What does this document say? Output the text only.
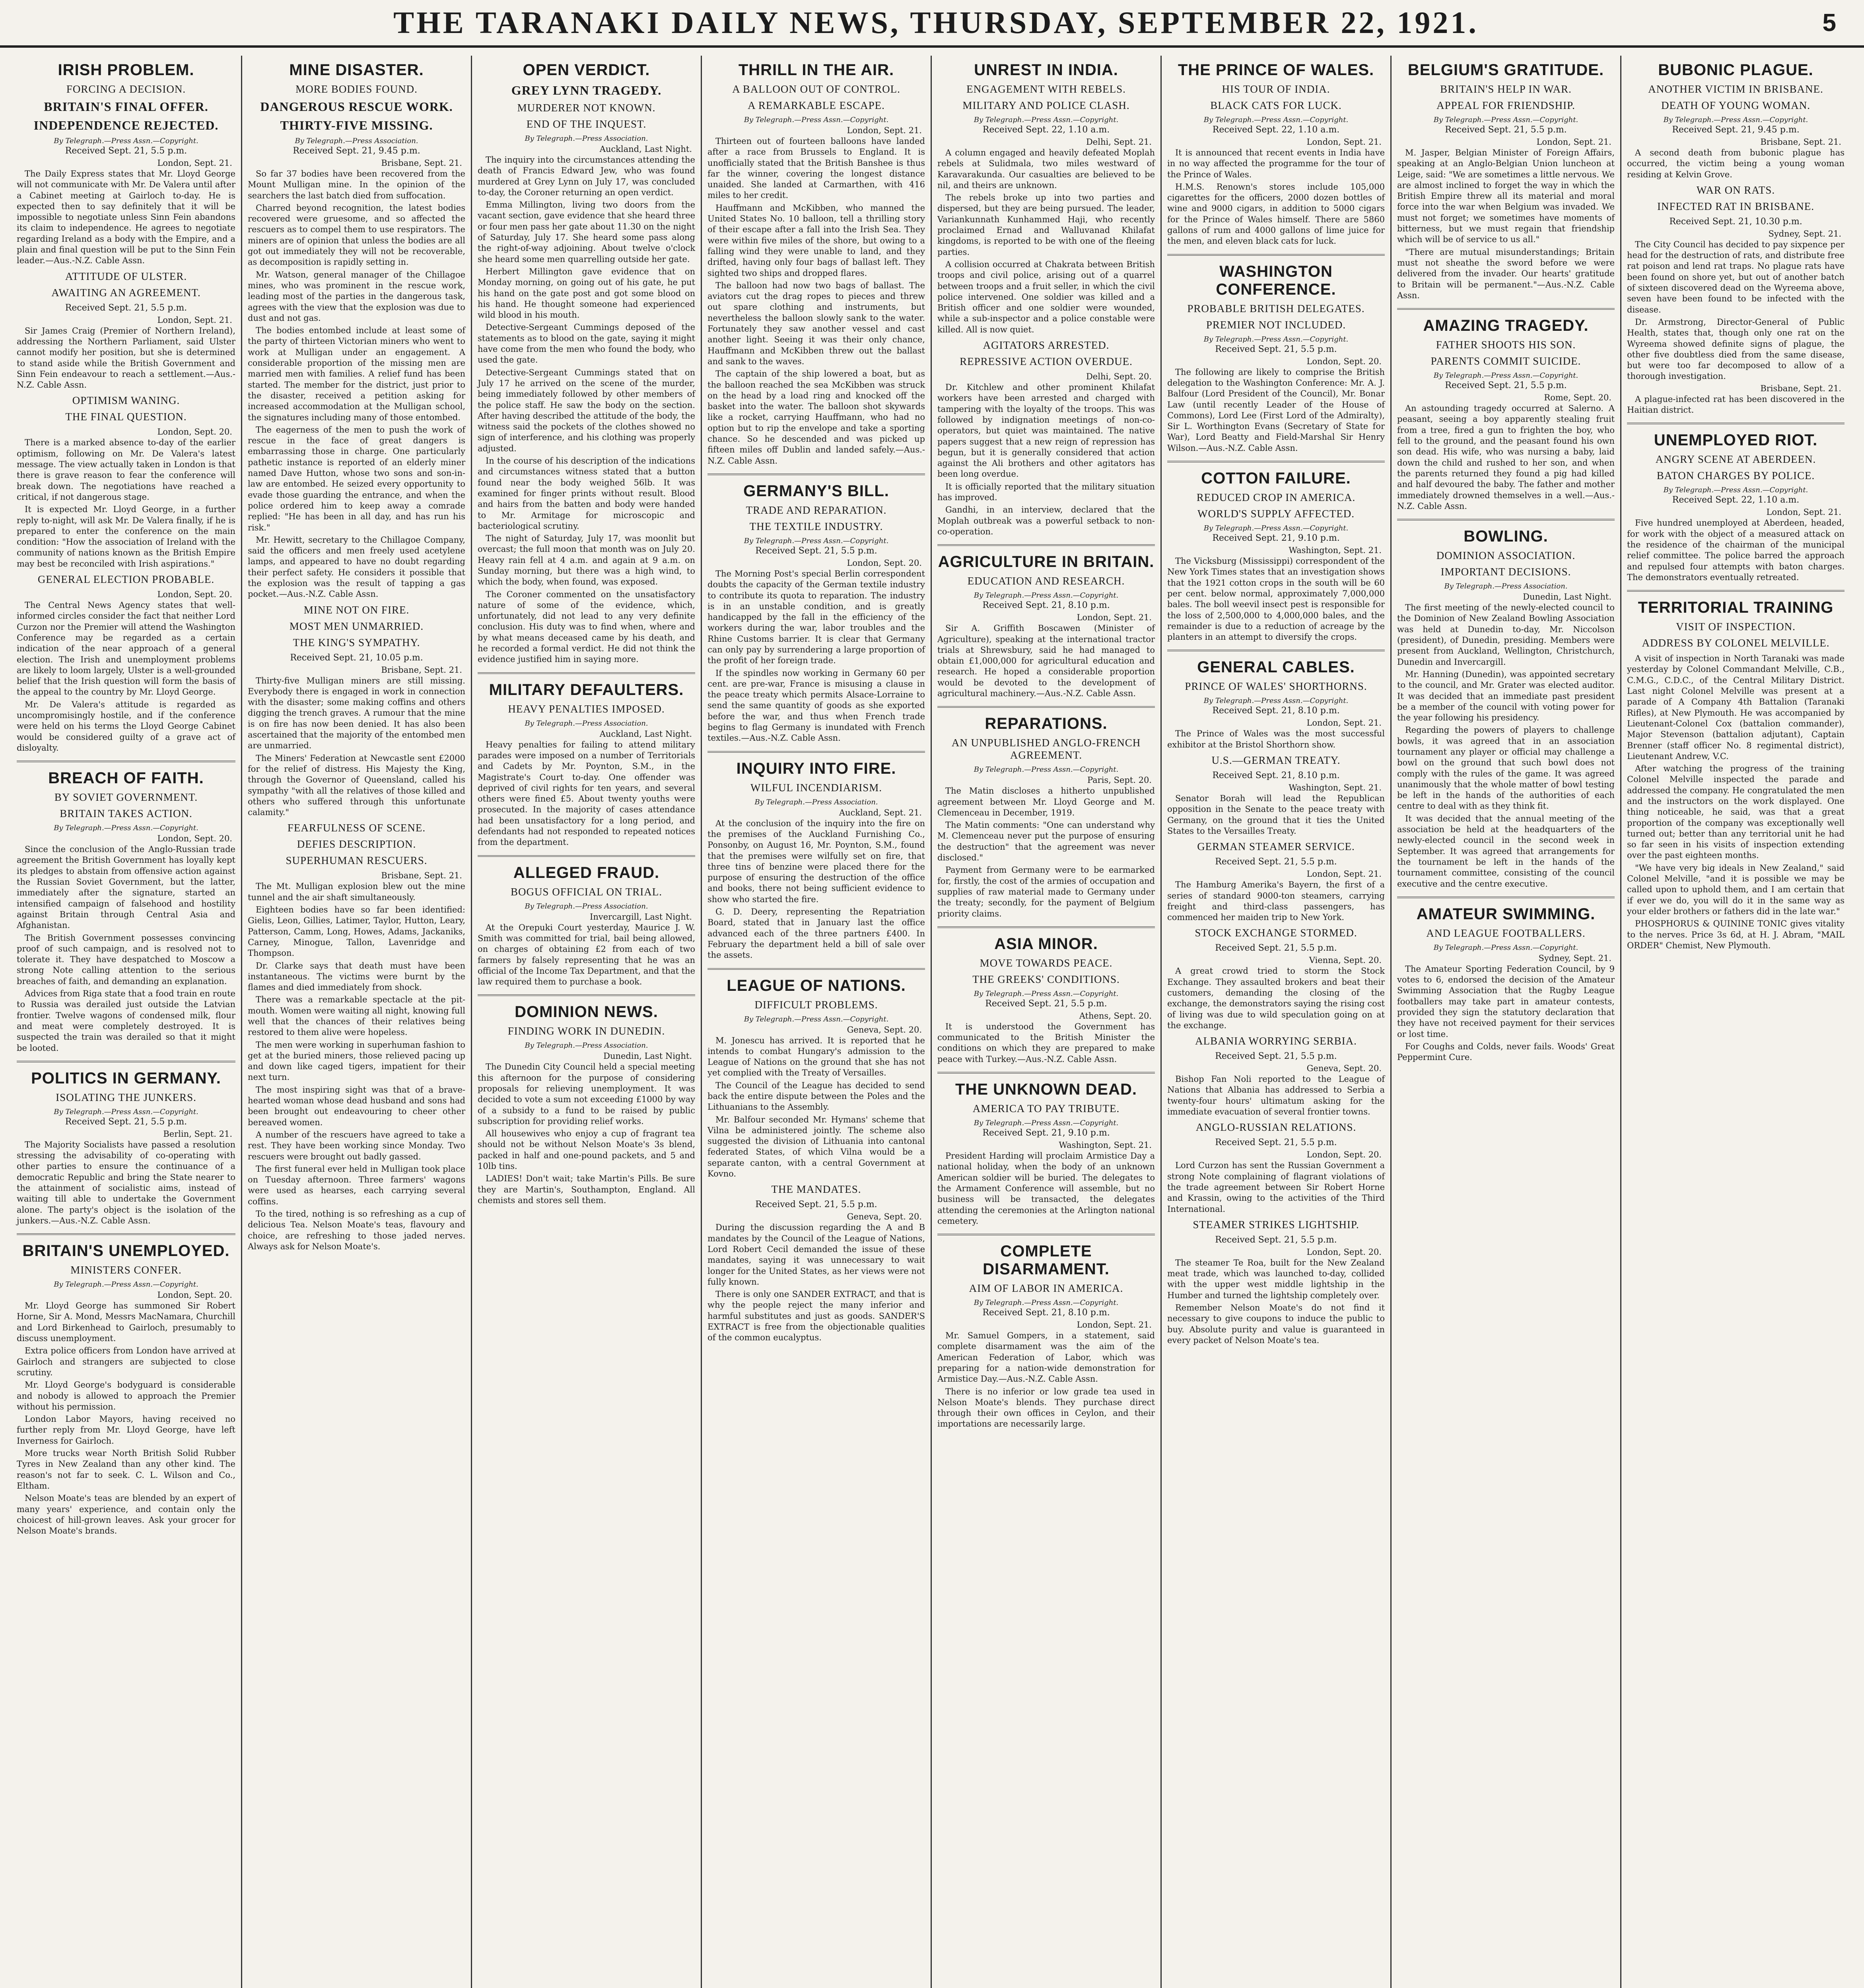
THE TARANAKI DAILY NEWS, THURSDAY, SEPTEMBER 22, 1921.	5
IRISH PROBLEM.
FORCING A DECISION.
BRITAIN'S FINAL OFFER.
INDEPENDENCE REJECTED.
By Telegraph.—Press Assn.—Copyright.
Received Sept. 21, 5.5 p.m.
London, Sept. 21.
The Daily Express states that Mr. Lloyd George will not communicate with Mr. De Valera until after a Cabinet meeting at Gairloch to-day. He is expected then to say definitely that it will be impossible to negotiate unless Sinn Fein abandons its claim to independence. He agrees to negotiate regarding Ireland as a body with the Empire, and a plain and final question will be put to the Sinn Fein leader.—Aus.-N.Z. Cable Assn.
ATTITUDE OF ULSTER.
AWAITING AN AGREEMENT.
Received Sept. 21, 5.5 p.m.
London, Sept. 21.
Sir James Craig (Premier of Northern Ireland), addressing the Northern Parliament, said Ulster cannot modify her position, but she is determined to stand aside while the British Government and Sinn Fein endeavour to reach a settlement.—Aus.-N.Z. Cable Assn.
OPTIMISM WANING.
THE FINAL QUESTION.
London, Sept. 20.
There is a marked absence to-day of the earlier optimism, following on Mr. De Valera's latest message. The view actually taken in London is that there is grave reason to fear the conference will break down. The negotiations have reached a critical, if not dangerous stage.
It is expected Mr. Lloyd George, in a further reply to-night, will ask Mr. De Valera finally, if he is prepared to enter the conference on the main condition: "How the association of Ireland with the community of nations known as the British Empire may best be reconciled with Irish aspirations."
GENERAL ELECTION PROBABLE.
London, Sept. 20.
The Central News Agency states that well-informed circles consider the fact that neither Lord Curzon nor the Premier will attend the Washington Conference may be regarded as a certain indication of the near approach of a general election. The Irish and unemployment problems are likely to loom largely, Ulster is a well-grounded belief that the Irish question will form the basis of the appeal to the country by Mr. Lloyd George.
Mr. De Valera's attitude is regarded as uncompromisingly hostile, and if the conference were held on his terms the Lloyd George Cabinet would be considered guilty of a grave act of disloyalty.
BREACH OF FAITH.
BY SOVIET GOVERNMENT.
BRITAIN TAKES ACTION.
By Telegraph.—Press Assn.—Copyright.
London, Sept. 20.
Since the conclusion of the Anglo-Russian trade agreement the British Government has loyally kept its pledges to abstain from offensive action against the Russian Soviet Government, but the latter, immediately after the signature, started an intensified campaign of falsehood and hostility against Britain through Central Asia and Afghanistan.
The British Government possesses convincing proof of such campaign, and is resolved not to tolerate it. They have despatched to Moscow a strong Note calling attention to the serious breaches of faith, and demanding an explanation.
Advices from Riga state that a food train en route to Russia was derailed just outside the Latvian frontier. Twelve wagons of condensed milk, flour and meat were completely destroyed. It is suspected the train was derailed so that it might be looted.
POLITICS IN GERMANY.
ISOLATING THE JUNKERS.
By Telegraph.—Press Assn.—Copyright.
Received Sept. 21, 5.5 p.m.
Berlin, Sept. 21.
The Majority Socialists have passed a resolution stressing the advisability of co-operating with other parties to ensure the continuance of a democratic Republic and bring the State nearer to the attainment of socialistic aims, instead of waiting till able to undertake the Government alone. The party's object is the isolation of the junkers.—Aus.-N.Z. Cable Assn.
BRITAIN'S UNEMPLOYED.
MINISTERS CONFER.
By Telegraph.—Press Assn.—Copyright.
London, Sept. 20.
Mr. Lloyd George has summoned Sir Robert Horne, Sir A. Mond, Messrs MacNamara, Churchill and Lord Birkenhead to Gairloch, presumably to discuss unemployment.
Extra police officers from London have arrived at Gairloch and strangers are subjected to close scrutiny.
Mr. Lloyd George's bodyguard is considerable and nobody is allowed to approach the Premier without his permission.
London Labor Mayors, having received no further reply from Mr. Lloyd George, have left Inverness for Gairloch.
More trucks wear North British Solid Rubber Tyres in New Zealand than any other kind. The reason's not far to seek. C. L. Wilson and Co., Eltham.
Nelson Moate's teas are blended by an expert of many years' experience, and contain only the choicest of hill-grown leaves. Ask your grocer for Nelson Moate's brands.
MINE DISASTER.
MORE BODIES FOUND.
DANGEROUS RESCUE WORK.
THIRTY-FIVE MISSING.
By Telegraph.—Press Association.
Received Sept. 21, 9.45 p.m.
Brisbane, Sept. 21.
So far 37 bodies have been recovered from the Mount Mulligan mine. In the opinion of the searchers the last batch died from suffocation.
Charred beyond recognition, the latest bodies recovered were gruesome, and so affected the rescuers as to compel them to use respirators. The miners are of opinion that unless the bodies are all got out immediately they will not be recoverable, as decomposition is rapidly setting in.
Mr. Watson, general manager of the Chillagoe mines, who was prominent in the rescue work, leading most of the parties in the dangerous task, agrees with the view that the explosion was due to dust and not gas.
The bodies entombed include at least some of the party of thirteen Victorian miners who went to work at Mulligan under an engagement. A considerable proportion of the missing men are married men with families. A relief fund has been started. The member for the district, just prior to the disaster, received a petition asking for increased accommodation at the Mulligan school, the signatures including many of those entombed.
The eagerness of the men to push the work of rescue in the face of great dangers is embarrassing those in charge. One particularly pathetic instance is reported of an elderly miner named Dave Hutton, whose two sons and son-in-law are entombed. He seized every opportunity to evade those guarding the entrance, and when the police ordered him to keep away a comrade replied: "He has been in all day, and has run his risk."
Mr. Hewitt, secretary to the Chillagoe Company, said the officers and men freely used acetylene lamps, and appeared to have no doubt regarding their perfect safety. He considers it possible that the explosion was the result of tapping a gas pocket.—Aus.-N.Z. Cable Assn.
MINE NOT ON FIRE.
MOST MEN UNMARRIED.
THE KING'S SYMPATHY.
Received Sept. 21, 10.05 p.m.
Brisbane, Sept. 21.
Thirty-five Mulligan miners are still missing. Everybody there is engaged in work in connection with the disaster; some making coffins and others digging the trench graves. A rumour that the mine is on fire has now been denied. It has also been ascertained that the majority of the entombed men are unmarried.
The Miners' Federation at Newcastle sent £2000 for the relief of distress. His Majesty the King, through the Governor of Queensland, called his sympathy "with all the relatives of those killed and others who suffered through this unfortunate calamity."
FEARFULNESS OF SCENE.
DEFIES DESCRIPTION.
SUPERHUMAN RESCUERS.
Brisbane, Sept. 21.
The Mt. Mulligan explosion blew out the mine tunnel and the air shaft simultaneously.
Eighteen bodies have so far been identified: Gielis, Leon, Gillies, Latimer, Taylor, Hutton, Leary, Patterson, Camm, Long, Howes, Adams, Jackaniks, Carney, Minogue, Tallon, Lavenridge and Thompson.
Dr. Clarke says that death must have been instantaneous. The victims were burnt by the flames and died immediately from shock.
There was a remarkable spectacle at the pit-mouth. Women were waiting all night, knowing full well that the chances of their relatives being restored to them alive were hopeless.
The men were working in superhuman fashion to get at the buried miners, those relieved pacing up and down like caged tigers, impatient for their next turn.
The most inspiring sight was that of a brave-hearted woman whose dead husband and sons had been brought out endeavouring to cheer other bereaved women.
A number of the rescuers have agreed to take a rest. They have been working since Monday. Two rescuers were brought out badly gassed.
The first funeral ever held in Mulligan took place on Tuesday afternoon. Three farmers' wagons were used as hearses, each carrying several coffins.
To the tired, nothing is so refreshing as a cup of delicious Tea. Nelson Moate's teas, flavoury and choice, are refreshing to those jaded nerves. Always ask for Nelson Moate's.
OPEN VERDICT.
GREY LYNN TRAGEDY.
MURDERER NOT KNOWN.
END OF THE INQUEST.
By Telegraph.—Press Association.
Auckland, Last Night.
The inquiry into the circumstances attending the death of Francis Edward Jew, who was found murdered at Grey Lynn on July 17, was concluded to-day, the Coroner returning an open verdict.
Emma Millington, living two doors from the vacant section, gave evidence that she heard three or four men pass her gate about 11.30 on the night of Saturday, July 17. She heard some pass along the right-of-way adjoining. About twelve o'clock she heard some men quarrelling outside her gate.
Herbert Millington gave evidence that on Monday morning, on going out of his gate, he put his hand on the gate post and got some blood on his hand. He thought someone had experienced wild blood in his mouth.
Detective-Sergeant Cummings deposed of the statements as to blood on the gate, saying it might have come from the men who found the body, who used the gate.
Detective-Sergeant Cummings stated that on July 17 he arrived on the scene of the murder, being immediately followed by other members of the police staff. He saw the body on the section. After having described the attitude of the body, the witness said the pockets of the clothes showed no sign of interference, and his clothing was properly adjusted.
In the course of his description of the indications and circumstances witness stated that a button found near the body weighed 56lb. It was examined for finger prints without result. Blood and hairs from the batten and body were handed to Mr. Armitage for microscopic and bacteriological scrutiny.
The night of Saturday, July 17, was moonlit but overcast; the full moon that month was on July 20. Heavy rain fell at 4 a.m. and again at 9 a.m. on Sunday morning, but there was a high wind, to which the body, when found, was exposed.
The Coroner commented on the unsatisfactory nature of some of the evidence, which, unfortunately, did not lead to any very definite conclusion. His duty was to find when, where and by what means deceased came by his death, and he recorded a formal verdict. He did not think the evidence justified him in saying more.
MILITARY DEFAULTERS.
HEAVY PENALTIES IMPOSED.
By Telegraph.—Press Association.
Auckland, Last Night.
Heavy penalties for failing to attend military parades were imposed on a number of Territorials and Cadets by Mr. Poynton, S.M., in the Magistrate's Court to-day. One offender was deprived of civil rights for ten years, and several others were fined £5. About twenty youths were prosecuted. In the majority of cases attendance had been unsatisfactory for a long period, and defendants had not responded to repeated notices from the department.
ALLEGED FRAUD.
BOGUS OFFICIAL ON TRIAL.
By Telegraph.—Press Association.
Invercargill, Last Night.
At the Orepuki Court yesterday, Maurice J. W. Smith was committed for trial, bail being allowed, on charges of obtaining £2 from each of two farmers by falsely representing that he was an official of the Income Tax Department, and that the law required them to purchase a book.
DOMINION NEWS.
FINDING WORK IN DUNEDIN.
By Telegraph.—Press Association.
Dunedin, Last Night.
The Dunedin City Council held a special meeting this afternoon for the purpose of considering proposals for relieving unemployment. It was decided to vote a sum not exceeding £1000 by way of a subsidy to a fund to be raised by public subscription for providing relief works.
All housewives who enjoy a cup of fragrant tea should not be without Nelson Moate's 3s blend, packed in half and one-pound packets, and 5 and 10lb tins.
LADIES! Don't wait; take Martin's Pills. Be sure they are Martin's, Southampton, England. All chemists and stores sell them.
THRILL IN THE AIR.
A BALLOON OUT OF CONTROL.
A REMARKABLE ESCAPE.
By Telegraph.—Press Assn.—Copyright.
London, Sept. 21.
Thirteen out of fourteen balloons have landed after a race from Brussels to England. It is unofficially stated that the British Banshee is thus far the winner, covering the longest distance unaided. She landed at Carmarthen, with 416 miles to her credit.
Hauffmann and McKibben, who manned the United States No. 10 balloon, tell a thrilling story of their escape after a fall into the Irish Sea. They were within five miles of the shore, but owing to a falling wind they were unable to land, and they drifted, having only four bags of ballast left. They sighted two ships and dropped flares.
The balloon had now two bags of ballast. The aviators cut the drag ropes to pieces and threw out spare clothing and instruments, but nevertheless the balloon slowly sank to the water. Fortunately they saw another vessel and cast another light. Seeing it was their only chance, Hauffmann and McKibben threw out the ballast and sank to the waves.
The captain of the ship lowered a boat, but as the balloon reached the sea McKibben was struck on the head by a load ring and knocked off the basket into the water. The balloon shot skywards like a rocket, carrying Hauffmann, who had no option but to rip the envelope and take a sporting chance. So he descended and was picked up fifteen miles off Dublin and landed safely.—Aus.-N.Z. Cable Assn.
GERMANY'S BILL.
TRADE AND REPARATION.
THE TEXTILE INDUSTRY.
By Telegraph.—Press Assn.—Copyright.
Received Sept. 21, 5.5 p.m.
London, Sept. 20.
The Morning Post's special Berlin correspondent doubts the capacity of the German textile industry to contribute its quota to reparation. The industry is in an unstable condition, and is greatly handicapped by the fall in the efficiency of the workers during the war, labor troubles and the Rhine Customs barrier. It is clear that Germany can only pay by surrendering a large proportion of the profit of her foreign trade.
If the spindles now working in Germany 60 per cent. are pre-war, France is misusing a clause in the peace treaty which permits Alsace-Lorraine to send the same quantity of goods as she exported before the war, and thus when French trade begins to flag Germany is inundated with French textiles.—Aus.-N.Z. Cable Assn.
INQUIRY INTO FIRE.
WILFUL INCENDIARISM.
By Telegraph.—Press Association.
Auckland, Sept. 21.
At the conclusion of the inquiry into the fire on the premises of the Auckland Furnishing Co., Ponsonby, on August 16, Mr. Poynton, S.M., found that the premises were wilfully set on fire, that three tins of benzine were placed there for the purpose of ensuring the destruction of the office and books, there not being sufficient evidence to show who started the fire.
G. D. Deery, representing the Repatriation Board, stated that in January last the office advanced each of the three partners £400. In February the department held a bill of sale over the assets.
LEAGUE OF NATIONS.
DIFFICULT PROBLEMS.
By Telegraph.—Press Assn.—Copyright.
Geneva, Sept. 20.
M. Jonescu has arrived. It is reported that he intends to combat Hungary's admission to the League of Nations on the ground that she has not yet complied with the Treaty of Versailles.
The Council of the League has decided to send back the entire dispute between the Poles and the Lithuanians to the Assembly.
Mr. Balfour seconded Mr. Hymans' scheme that Vilna be administered jointly. The scheme also suggested the division of Lithuania into cantonal federated States, of which Vilna would be a separate canton, with a central Government at Kovno.
THE MANDATES.
Received Sept. 21, 5.5 p.m.
Geneva, Sept. 20.
During the discussion regarding the A and B mandates by the Council of the League of Nations, Lord Robert Cecil demanded the issue of these mandates, saying it was unnecessary to wait longer for the United States, as her views were not fully known.
There is only one SANDER EXTRACT, and that is why the people reject the many inferior and harmful substitutes and just as goods. SANDER'S EXTRACT is free from the objectionable qualities of the common eucalyptus.
UNREST IN INDIA.
ENGAGEMENT WITH REBELS.
MILITARY AND POLICE CLASH.
By Telegraph.—Press Assn.—Copyright.
Received Sept. 22, 1.10 a.m.
Delhi, Sept. 21.
A column engaged and heavily defeated Moplah rebels at Sulidmala, two miles westward of Karavarakunda. Our casualties are believed to be nil, and theirs are unknown.
The rebels broke up into two parties and dispersed, but they are being pursued. The leader, Variankunnath Kunhammed Haji, who recently proclaimed Ernad and Walluvanad Khilafat kingdoms, is reported to be with one of the fleeing parties.
A collision occurred at Chakrata between British troops and civil police, arising out of a quarrel between troops and a fruit seller, in which the civil police intervened. One soldier was killed and a British officer and one soldier were wounded, while a sub-inspector and a police constable were killed. All is now quiet.
AGITATORS ARRESTED.
REPRESSIVE ACTION OVERDUE.
Delhi, Sept. 20.
Dr. Kitchlew and other prominent Khilafat workers have been arrested and charged with tampering with the loyalty of the troops. This was followed by indignation meetings of non-co-operators, but quiet was maintained. The native papers suggest that a new reign of repression has begun, but it is generally considered that action against the Ali brothers and other agitators has been long overdue.
It is officially reported that the military situation has improved.
Gandhi, in an interview, declared that the Moplah outbreak was a powerful setback to non-co-operation.
AGRICULTURE IN BRITAIN.
EDUCATION AND RESEARCH.
By Telegraph.—Press Assn.—Copyright.
Received Sept. 21, 8.10 p.m.
London, Sept. 21.
Sir A. Griffith Boscawen (Minister of Agriculture), speaking at the international tractor trials at Shrewsbury, said he had managed to obtain £1,000,000 for agricultural education and research. He hoped a considerable proportion would be devoted to the development of agricultural machinery.—Aus.-N.Z. Cable Assn.
REPARATIONS.
AN UNPUBLISHED ANGLO-FRENCH AGREEMENT.
By Telegraph.—Press Assn.—Copyright.
Paris, Sept. 20.
The Matin discloses a hitherto unpublished agreement between Mr. Lloyd George and M. Clemenceau in December, 1919.
The Matin comments: "One can understand why M. Clemenceau never put the purpose of ensuring the destruction" that the agreement was never disclosed."
Payment from Germany were to be earmarked for, firstly, the cost of the armies of occupation and supplies of raw material made to Germany under the treaty; secondly, for the payment of Belgium priority claims.
ASIA MINOR.
MOVE TOWARDS PEACE.
THE GREEKS' CONDITIONS.
By Telegraph.—Press Assn.—Copyright.
Received Sept. 21, 5.5 p.m.
Athens, Sept. 20.
It is understood the Government has communicated to the British Minister the conditions on which they are prepared to make peace with Turkey.—Aus.-N.Z. Cable Assn.
THE UNKNOWN DEAD.
AMERICA TO PAY TRIBUTE.
By Telegraph.—Press Assn.—Copyright.
Received Sept. 21, 9.10 p.m.
Washington, Sept. 21.
President Harding will proclaim Armistice Day a national holiday, when the body of an unknown American soldier will be buried. The delegates to the Armament Conference will assemble, but no business will be transacted, the delegates attending the ceremonies at the Arlington national cemetery.
COMPLETE DISARMAMENT.
AIM OF LABOR IN AMERICA.
By Telegraph.—Press Assn.—Copyright.
Received Sept. 21, 8.10 p.m.
London, Sept. 21.
Mr. Samuel Gompers, in a statement, said complete disarmament was the aim of the American Federation of Labor, which was preparing for a nation-wide demonstration for Armistice Day.—Aus.-N.Z. Cable Assn.
There is no inferior or low grade tea used in Nelson Moate's blends. They purchase direct through their own offices in Ceylon, and their importations are necessarily large.
THE PRINCE OF WALES.
HIS TOUR OF INDIA.
BLACK CATS FOR LUCK.
By Telegraph.—Press Assn.—Copyright.
Received Sept. 22, 1.10 a.m.
London, Sept. 21.
It is announced that recent events in India have in no way affected the programme for the tour of the Prince of Wales.
H.M.S. Renown's stores include 105,000 cigarettes for the officers, 2000 dozen bottles of wine and 9000 cigars, in addition to 5000 cigars for the Prince of Wales himself. There are 5860 gallons of rum and 4000 gallons of lime juice for the men, and eleven black cats for luck.
WASHINGTON CONFERENCE.
PROBABLE BRITISH DELEGATES.
PREMIER NOT INCLUDED.
By Telegraph.—Press Assn.—Copyright.
Received Sept. 21, 5.5 p.m.
London, Sept. 20.
The following are likely to comprise the British delegation to the Washington Conference: Mr. A. J. Balfour (Lord President of the Council), Mr. Bonar Law (until recently Leader of the House of Commons), Lord Lee (First Lord of the Admiralty), Sir L. Worthington Evans (Secretary of State for War), Lord Beatty and Field-Marshal Sir Henry Wilson.—Aus.-N.Z. Cable Assn.
COTTON FAILURE.
REDUCED CROP IN AMERICA.
WORLD'S SUPPLY AFFECTED.
By Telegraph.—Press Assn.—Copyright.
Received Sept. 21, 9.10 p.m.
Washington, Sept. 21.
The Vicksburg (Mississippi) correspondent of the New York Times states that an investigation shows that the 1921 cotton crops in the south will be 60 per cent. below normal, approximately 7,000,000 bales. The boll weevil insect pest is responsible for the loss of 2,500,000 to 4,000,000 bales, and the remainder is due to a reduction of acreage by the planters in an attempt to diversify the crops.
GENERAL CABLES.
PRINCE OF WALES' SHORTHORNS.
By Telegraph.—Press Assn.—Copyright.
Received Sept. 21, 8.10 p.m.
London, Sept. 21.
The Prince of Wales was the most successful exhibitor at the Bristol Shorthorn show.
U.S.—GERMAN TREATY.
Received Sept. 21, 8.10 p.m.
Washington, Sept. 21.
Senator Borah will lead the Republican opposition in the Senate to the peace treaty with Germany, on the ground that it ties the United States to the Versailles Treaty.
GERMAN STEAMER SERVICE.
Received Sept. 21, 5.5 p.m.
London, Sept. 21.
The Hamburg Amerika's Bayern, the first of a series of standard 9000-ton steamers, carrying freight and third-class passengers, has commenced her maiden trip to New York.
STOCK EXCHANGE STORMED.
Received Sept. 21, 5.5 p.m.
Vienna, Sept. 20.
A great crowd tried to storm the Stock Exchange. They assaulted brokers and beat their customers, demanding the closing of the exchange, the demonstrators saying the rising cost of living was due to wild speculation going on at the exchange.
ALBANIA WORRYING SERBIA.
Received Sept. 21, 5.5 p.m.
Geneva, Sept. 20.
Bishop Fan Noli reported to the League of Nations that Albania has addressed to Serbia a twenty-four hours' ultimatum asking for the immediate evacuation of several frontier towns.
ANGLO-RUSSIAN RELATIONS.
Received Sept. 21, 5.5 p.m.
London, Sept. 20.
Lord Curzon has sent the Russian Government a strong Note complaining of flagrant violations of the trade agreement between Sir Robert Horne and Krassin, owing to the activities of the Third International.
STEAMER STRIKES LIGHTSHIP.
Received Sept. 21, 5.5 p.m.
London, Sept. 20.
The steamer Te Roa, built for the New Zealand meat trade, which was launched to-day, collided with the upper west middle lightship in the Humber and turned the lightship completely over.
Remember Nelson Moate's do not find it necessary to give coupons to induce the public to buy. Absolute purity and value is guaranteed in every packet of Nelson Moate's tea.
BELGIUM'S GRATITUDE.
BRITAIN'S HELP IN WAR.
APPEAL FOR FRIENDSHIP.
By Telegraph.—Press Assn.—Copyright.
Received Sept. 21, 5.5 p.m.
London, Sept. 21.
M. Jasper, Belgian Minister of Foreign Affairs, speaking at an Anglo-Belgian Union luncheon at Leige, said: "We are sometimes a little nervous. We are almost inclined to forget the way in which the British Empire threw all its material and moral force into the war when Belgium was invaded. We must not forget; we sometimes have moments of bitterness, but we must regain that friendship which will be of service to us all."
"There are mutual misunderstandings; Britain must not sheathe the sword before we were delivered from the invader. Our hearts' gratitude to Britain will be permanent."—Aus.-N.Z. Cable Assn.
AMAZING TRAGEDY.
FATHER SHOOTS HIS SON.
PARENTS COMMIT SUICIDE.
By Telegraph.—Press Assn.—Copyright.
Received Sept. 21, 5.5 p.m.
Rome, Sept. 20.
An astounding tragedy occurred at Salerno. A peasant, seeing a boy apparently stealing fruit from a tree, fired a gun to frighten the boy, who fell to the ground, and the peasant found his own son dead. His wife, who was nursing a baby, laid down the child and rushed to her son, and when the parents returned they found a pig had killed and half devoured the baby. The father and mother immediately drowned themselves in a well.—Aus.-N.Z. Cable Assn.
BOWLING.
DOMINION ASSOCIATION.
IMPORTANT DECISIONS.
By Telegraph.—Press Association.
Dunedin, Last Night.
The first meeting of the newly-elected council to the Dominion of New Zealand Bowling Association was held at Dunedin to-day, Mr. Niccolson (president), of Dunedin, presiding. Members were present from Auckland, Wellington, Christchurch, Dunedin and Invercargill.
Mr. Hanning (Dunedin), was appointed secretary to the council, and Mr. Grater was elected auditor. It was decided that an immediate past president be a member of the council with voting power for the year following his presidency.
Regarding the powers of players to challenge bowls, it was agreed that in an association tournament any player or official may challenge a bowl on the ground that such bowl does not comply with the rules of the game. It was agreed unanimously that the whole matter of bowl testing be left in the hands of the authorities of each centre to deal with as they think fit.
It was decided that the annual meeting of the association be held at the headquarters of the newly-elected council in the second week in September. It was agreed that arrangements for the tournament be left in the hands of the tournament committee, consisting of the council executive and the centre executive.
AMATEUR SWIMMING.
AND LEAGUE FOOTBALLERS.
By Telegraph.—Press Assn.—Copyright.
Sydney, Sept. 21.
The Amateur Sporting Federation Council, by 9 votes to 6, endorsed the decision of the Amateur Swimming Association that the Rugby League footballers may take part in amateur contests, provided they sign the statutory declaration that they have not received payment for their services or lost time.
For Coughs and Colds, never fails. Woods' Great Peppermint Cure.
BUBONIC PLAGUE.
ANOTHER VICTIM IN BRISBANE.
DEATH OF YOUNG WOMAN.
By Telegraph.—Press Assn.—Copyright.
Received Sept. 21, 9.45 p.m.
Brisbane, Sept. 21.
A second death from bubonic plague has occurred, the victim being a young woman residing at Kelvin Grove.
WAR ON RATS.
INFECTED RAT IN BRISBANE.
Received Sept. 21, 10.30 p.m.
Sydney, Sept. 21.
The City Council has decided to pay sixpence per head for the destruction of rats, and distribute free rat poison and lend rat traps. No plague rats have been found on shore yet, but out of another batch of sixteen discovered dead on the Wyreema above, seven have been found to be infected with the disease.
Dr. Armstrong, Director-General of Public Health, states that, though only one rat on the Wyreema showed definite signs of plague, the other five doubtless died from the same disease, but were too far decomposed to allow of a thorough investigation.
Brisbane, Sept. 21.
A plague-infected rat has been discovered in the Haitian district.
UNEMPLOYED RIOT.
ANGRY SCENE AT ABERDEEN.
BATON CHARGES BY POLICE.
By Telegraph.—Press Assn.—Copyright.
Received Sept. 22, 1.10 a.m.
London, Sept. 21.
Five hundred unemployed at Aberdeen, headed, for work with the object of a measured attack on the residence of the chairman of the municipal relief committee. The police barred the approach and repulsed four attempts with baton charges. The demonstrators eventually retreated.
TERRITORIAL TRAINING
VISIT OF INSPECTION.
ADDRESS BY COLONEL MELVILLE.
A visit of inspection in North Taranaki was made yesterday by Colonel Commandant Melville, C.B., C.M.G., C.D.C., of the Central Military District. Last night Colonel Melville was present at a parade of A Company 4th Battalion (Taranaki Rifles), at New Plymouth. He was accompanied by Lieutenant-Colonel Cox (battalion commander), Major Stevenson (battalion adjutant), Captain Brenner (staff officer No. 8 regimental district), Lieutenant Andrew, V.C.
After watching the progress of the training Colonel Melville inspected the parade and addressed the company. He congratulated the men and the instructors on the work displayed. One thing noticeable, he said, was that a great proportion of the company was exceptionally well turned out; better than any territorial unit he had so far seen in his visits of inspection extending over the past eighteen months.
"We have very big ideals in New Zealand," said Colonel Melville, "and it is possible we may be called upon to uphold them, and I am certain that if ever we do, you will do it in the same way as your elder brothers or fathers did in the late war."
PHOSPHORUS & QUININE TONIC gives vitality to the nerves. Price 3s 6d, at H. J. Abram, "MAIL ORDER" Chemist, New Plymouth.
